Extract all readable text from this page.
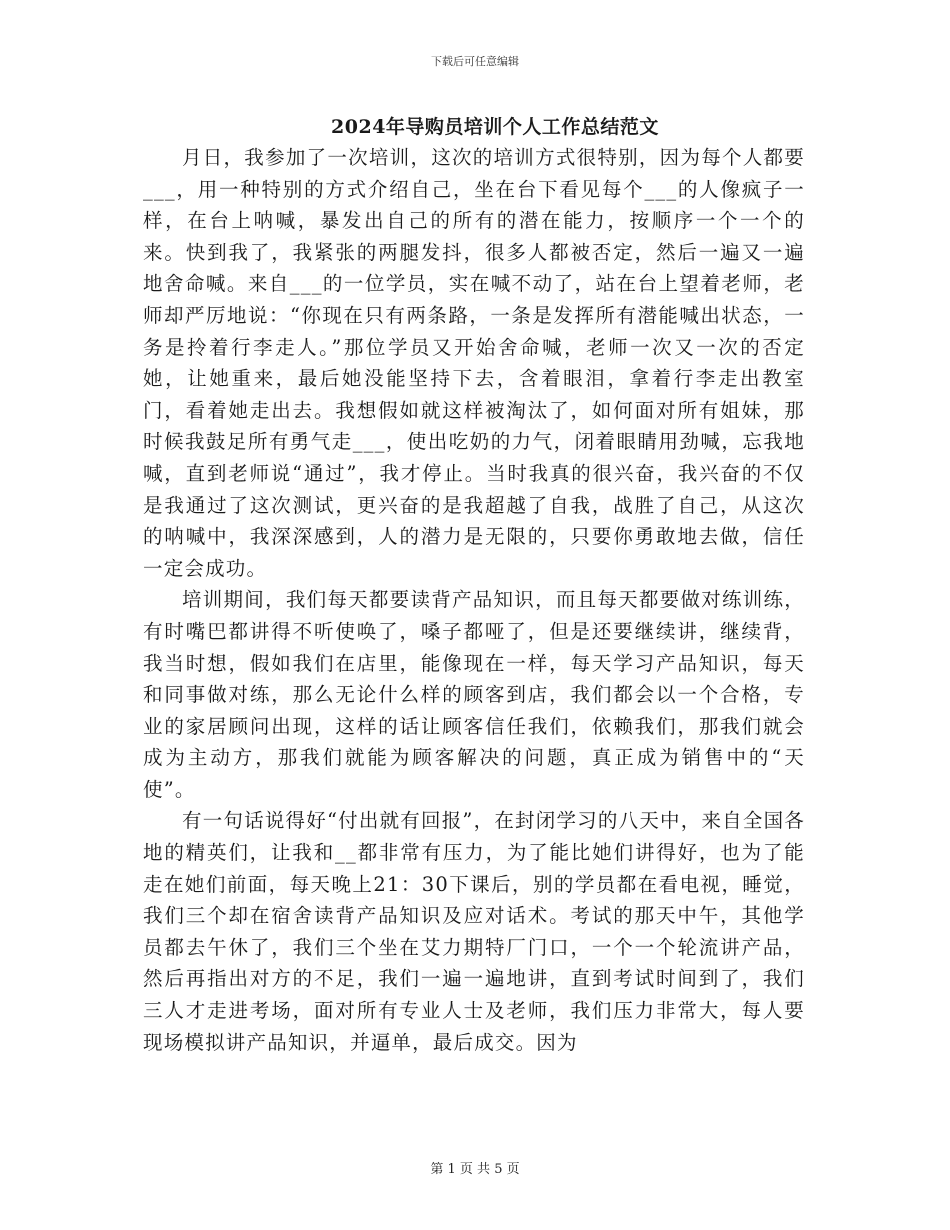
下载后可任意编辑
2024年导购员培训个人工作总结范文

月日，我参加了一次培训，这次的培训方式很特别，因为每个人都要___，用一种特别的方式介绍自己，坐在台下看见每个___的人像疯子一样，在台上呐喊，暴发出自己的所有的潜在能力，按顺序一个一个的来。快到我了，我紧张的两腿发抖，很多人都被否定，然后一遍又一遍地舍命喊。来自___的一位学员，实在喊不动了，站在台上望着老师，老师却严厉地说：“你现在只有两条路，一条是发挥所有潜能喊出状态，一务是拎着行李走人。”那位学员又开始舍命喊，老师一次又一次的否定她，让她重来，最后她没能坚持下去，含着眼泪，拿着行李走出教室门，看着她走出去。我想假如就这样被淘汰了，如何面对所有姐妹，那时候我鼓足所有勇气走___，使出吃奶的力气，闭着眼睛用劲喊，忘我地喊，直到老师说“通过”，我才停止。当时我真的很兴奋，我兴奋的不仅是我通过了这次测试，更兴奋的是我超越了自我，战胜了自己，从这次的呐喊中，我深深感到，人的潜力是无限的，只要你勇敢地去做，信任一定会成功。

培训期间，我们每天都要读背产品知识，而且每天都要做对练训练，有时嘴巴都讲得不听使唤了，嗓子都哑了，但是还要继续讲，继续背，我当时想，假如我们在店里，能像现在一样，每天学习产品知识，每天和同事做对练，那么无论什么样的顾客到店，我们都会以一个合格，专业的家居顾问出现，这样的话让顾客信任我们，依赖我们，那我们就会成为主动方，那我们就能为顾客解决的问题，真正成为销售中的“天使”。

有一句话说得好“付出就有回报”，在封闭学习的八天中，来自全国各地的精英们，让我和__都非常有压力，为了能比她们讲得好，也为了能走在她们前面，每天晚上21：30下课后，别的学员都在看电视，睡觉，我们三个却在宿舍读背产品知识及应对话术。考试的那天中午，其他学员都去午休了，我们三个坐在艾力期特厂门口，一个一个轮流讲产品，然后再指出对方的不足，我们一遍一遍地讲，直到考试时间到了，我们三人才走进考场，面对所有专业人士及老师，我们压力非常大，每人要现场模拟讲产品知识，并逼单，最后成交。因为

第 1 页 共 5 页
